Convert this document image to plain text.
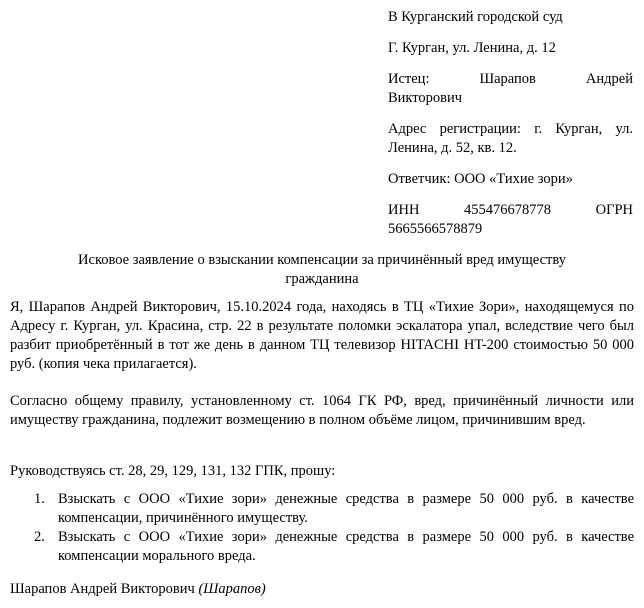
В Курганский городской суд

Г. Курган, ул. Ленина, д. 12

Истец:	Шарапов	Андрей
Викторович
Адрес регистрации: г. Курган, ул.
Ленина, д. 52, кв. 12.

Ответчик: ООО «Тихие зори»

ИНН	455476678778	ОГРН
5665566578879

Исковое заявление о взыскании компенсации за причинённый вред имуществу гражданина

Я, Шарапов Андрей Викторович, 15.10.2024 года, находясь в ТЦ «Тихие Зори», находящемуся по Адресу г. Курган, ул. Красина, стр. 22 в результате поломки эскалатора упал, вследствие чего был разбит приобретённый в тот же день в данном ТЦ телевизор HITACHI HT-200 стоимостью 50 000 руб. (копия чека прилагается).

Согласно общему правилу, установленному ст. 1064 ГК РФ, вред, причинённый личности или имуществу гражданина, подлежит возмещению в полном объёме лицом, причинившим вред.

Руководствуясь ст. 28, 29, 129, 131, 132 ГПК, прошу:

1. Взыскать с ООО «Тихие зори» денежные средства в размере 50 000 руб. в качестве компенсации, причинённого имуществу.
2. Взыскать с ООО «Тихие зори» денежные средства в размере 50 000 руб. в качестве компенсации морального вреда.

Шарапов Андрей Викторович (Шарапов)
